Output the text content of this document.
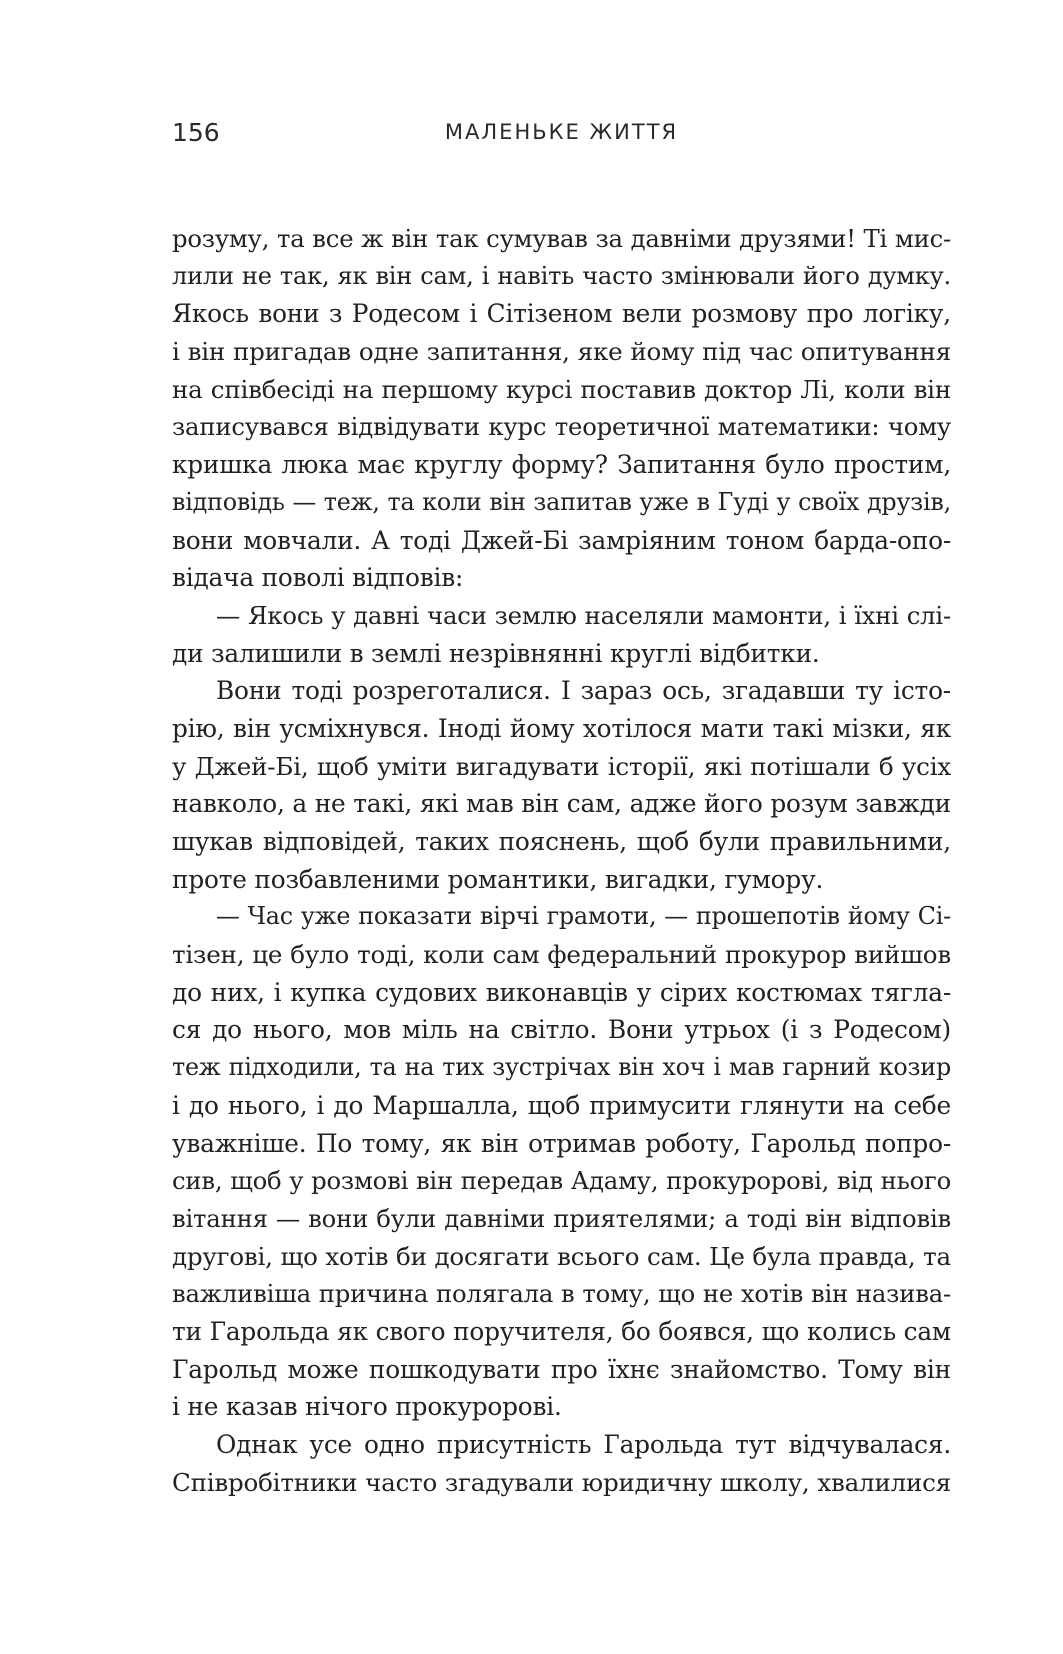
156	МАЛЕНЬКЕ ЖИТТЯ
розуму, та все ж він так сумував за давніми друзями! Ті мис-
лили не так, як він сам, і навіть часто змінювали його думку.
Якось вони з Родесом і Сітізеном вели розмову про логіку,
і він пригадав одне запитання, яке йому під час опитування
на співбесіді на першому курсі поставив доктор Лі, коли він
записувався відвідувати курс теоретичної математики: чому
кришка люка має круглу форму? Запитання було простим,
відповідь — теж, та коли він запитав уже в Гуді у своїх друзів,
вони мовчали. А тоді Джей-Бі замріяним тоном барда-опо-
відача поволі відповів:
— Якось у давні часи землю населяли мамонти, і їхні слі-
ди залишили в землі незрівнянні круглі відбитки.
Вони тоді розреготалися. І зараз ось, згадавши ту істо-
рію, він усміхнувся. Іноді йому хотілося мати такі мізки, як
у Джей-Бі, щоб уміти вигадувати історії, які потішали б усіх
навколо, а не такі, які мав він сам, адже його розум завжди
шукав відповідей, таких пояснень, щоб були правильними,
проте позбавленими романтики, вигадки, гумору.
— Час уже показати вірчі грамоти, — прошепотів йому Сі-
тізен, це було тоді, коли сам федеральний прокурор вийшов
до них, і купка судових виконавців у сірих костюмах тягла-
ся до нього, мов міль на світло. Вони утрьох (і з Родесом)
теж підходили, та на тих зустрічах він хоч і мав гарний козир
і до нього, і до Маршалла, щоб примусити глянути на себе
уважніше. По тому, як він отримав роботу, Гарольд попро-
сив, щоб у розмові він передав Адаму, прокуророві, від нього
вітання — вони були давніми приятелями; а тоді він відповів
другові, що хотів би досягати всього сам. Це була правда, та
важливіша причина полягала в тому, що не хотів він назива-
ти Гарольда як свого поручителя, бо боявся, що колись сам
Гарольд може пошкодувати про їхнє знайомство. Тому він
і не казав нічого прокуророві.
Однак усе одно присутність Гарольда тут відчувалася.
Співробітники часто згадували юридичну школу, хвалилися
